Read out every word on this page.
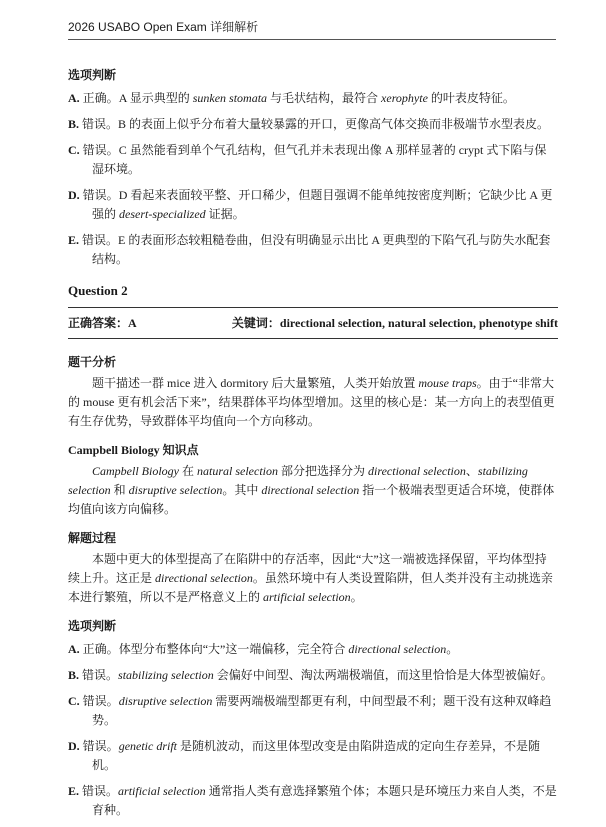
2026 USABO Open Exam 详细解析
选项判断
A. 正确。A 显示典型的 sunken stomata 与毛状结构，最符合 xerophyte 的叶表皮特征。
B. 错误。B 的表面上似乎分布着大量较暴露的开口，更像高气体交换而非极端节水型表皮。
C. 错误。C 虽然能看到单个气孔结构，但气孔并未表现出像 A 那样显著的 crypt 式下陷与保湿环境。
D. 错误。D 看起来表面较平整、开口稀少，但题目强调不能单纯按密度判断；它缺少比 A 更强的 desert-specialized 证据。
E. 错误。E 的表面形态较粗糙卷曲，但没有明确显示出比 A 更典型的下陷气孔与防失水配套结构。
Question 2
正确答案：A	关键词：directional selection, natural selection, phenotype shift
题干分析
题干描述一群 mice 进入 dormitory 后大量繁殖，人类开始放置 mouse traps。由于“非常大的 mouse 更有机会活下来”，结果群体平均体型增加。这里的核心是：某一方向上的表型值更有生存优势，导致群体平均值向一个方向移动。
Campbell Biology 知识点
Campbell Biology 在 natural selection 部分把选择分为 directional selection、stabilizing selection 和 disruptive selection。其中 directional selection 指一个极端表型更适合环境，使群体均值向该方向偏移。
解题过程
本题中更大的体型提高了在陷阱中的存活率，因此“大”这一端被选择保留，平均体型持续上升。这正是 directional selection。虽然环境中有人类设置陷阱，但人类并没有主动挑选亲本进行繁殖，所以不是严格意义上的 artificial selection。
选项判断
A. 正确。体型分布整体向“大”这一端偏移，完全符合 directional selection。
B. 错误。stabilizing selection 会偏好中间型、淘汰两端极端值，而这里恰恰是大体型被偏好。
C. 错误。disruptive selection 需要两端极端型都更有利，中间型最不利；题干没有这种双峰趋势。
D. 错误。genetic drift 是随机波动，而这里体型改变是由陷阱造成的定向生存差异，不是随机。
E. 错误。artificial selection 通常指人类有意选择繁殖个体；本题只是环境压力来自人类，不是育种。
